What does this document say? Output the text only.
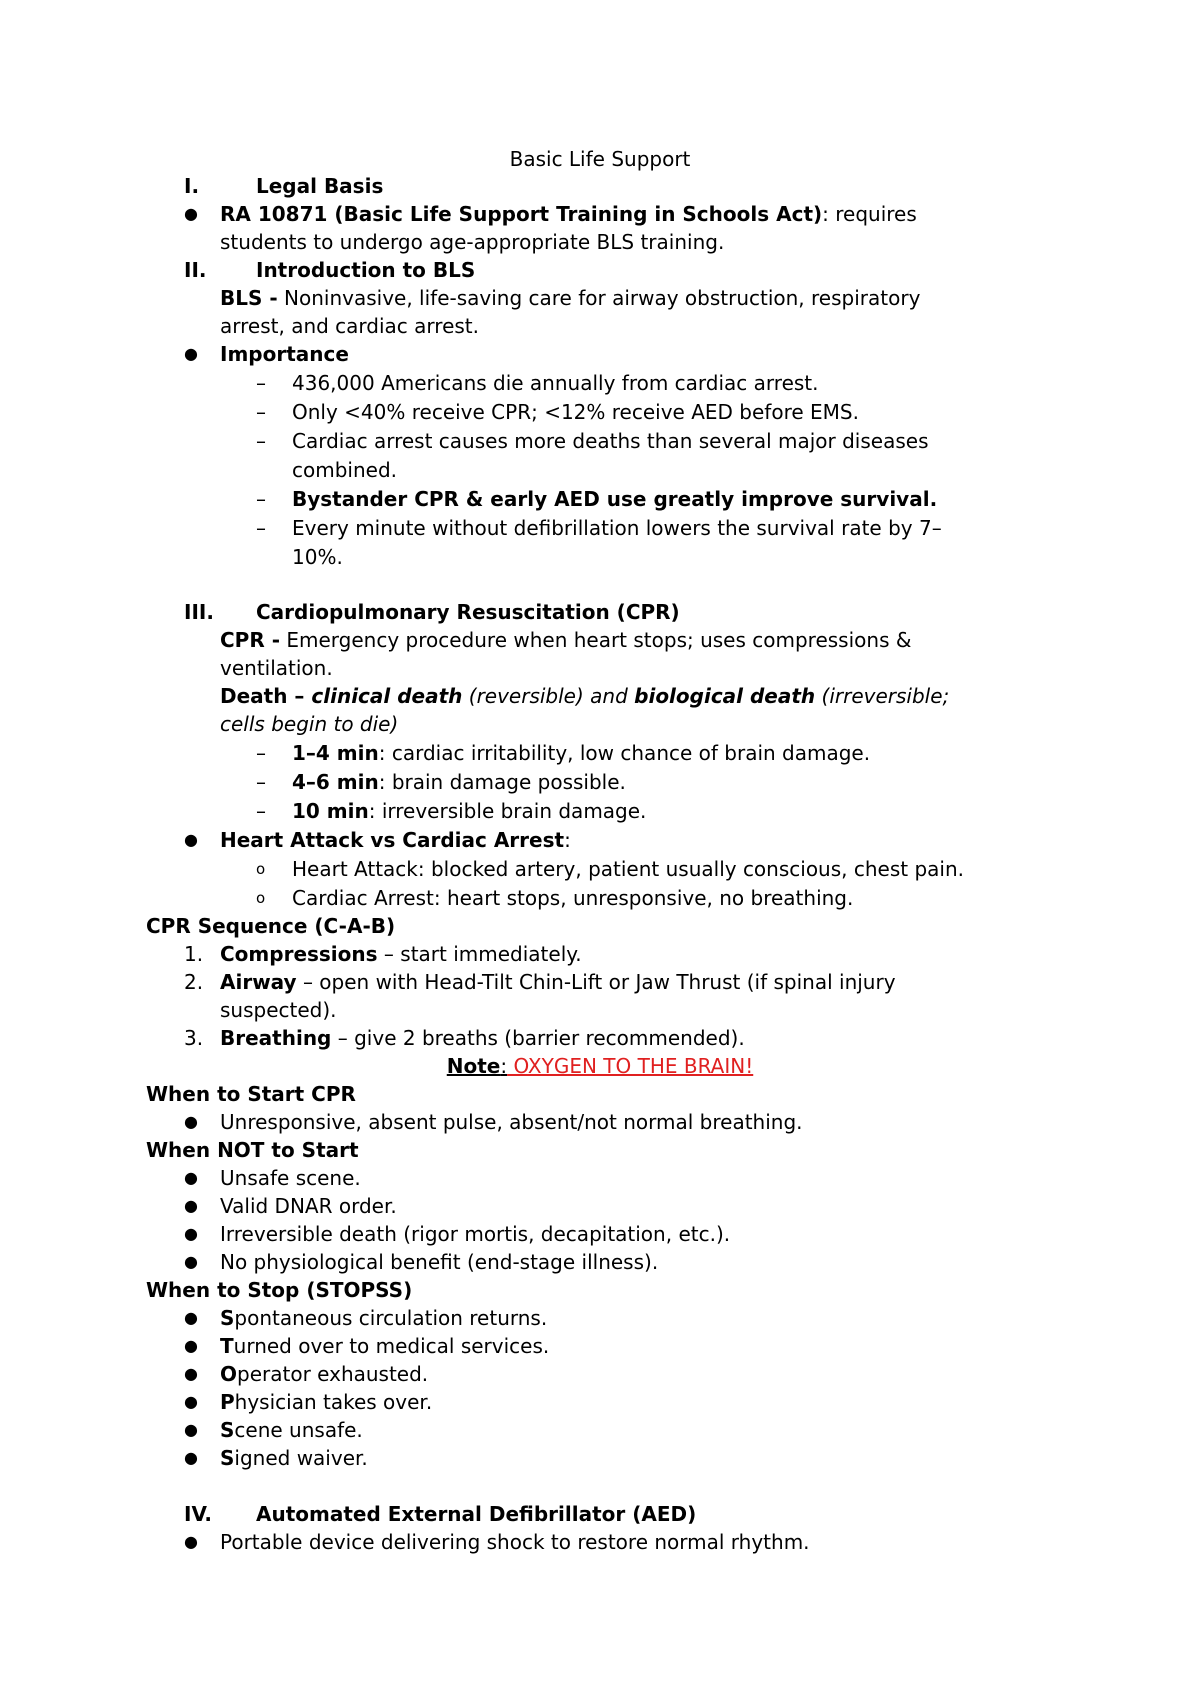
Basic Life Support
I.	Legal Basis
● RA 10871 (Basic Life Support Training in Schools Act): requires
students to undergo age-appropriate BLS training.
II. Introduction to BLS
BLS - Noninvasive, life-saving care for airway obstruction, respiratory
arrest, and cardiac arrest.
● Importance
– 436,000 Americans die annually from cardiac arrest.
– Only <40% receive CPR; <12% receive AED before EMS.
– Cardiac arrest causes more deaths than several major diseases
combined.
– Bystander CPR & early AED use greatly improve survival.
– Every minute without defibrillation lowers the survival rate by 7–
10%.
III. Cardiopulmonary Resuscitation (CPR)
CPR - Emergency procedure when heart stops; uses compressions &
ventilation.
Death – clinical death (reversible) and biological death (irreversible;
cells begin to die)
– 1–4 min: cardiac irritability, low chance of brain damage.
– 4–6 min: brain damage possible.
– 10 min: irreversible brain damage.
● Heart Attack vs Cardiac Arrest:
o Heart Attack: blocked artery, patient usually conscious, chest pain.
o Cardiac Arrest: heart stops, unresponsive, no breathing.
CPR Sequence (C-A-B)
1. Compressions – start immediately.
2. Airway – open with Head-Tilt Chin-Lift or Jaw Thrust (if spinal injury
suspected).
3. Breathing – give 2 breaths (barrier recommended).
Note: OXYGEN TO THE BRAIN!
When to Start CPR
● Unresponsive, absent pulse, absent/not normal breathing.
When NOT to Start
● Unsafe scene.
● Valid DNAR order.
● Irreversible death (rigor mortis, decapitation, etc.).
● No physiological benefit (end-stage illness).
When to Stop (STOPSS)
● Spontaneous circulation returns.
● Turned over to medical services.
● Operator exhausted.
● Physician takes over.
● Scene unsafe.
● Signed waiver.
IV. Automated External Defibrillator (AED)
● Portable device delivering shock to restore normal rhythm.
